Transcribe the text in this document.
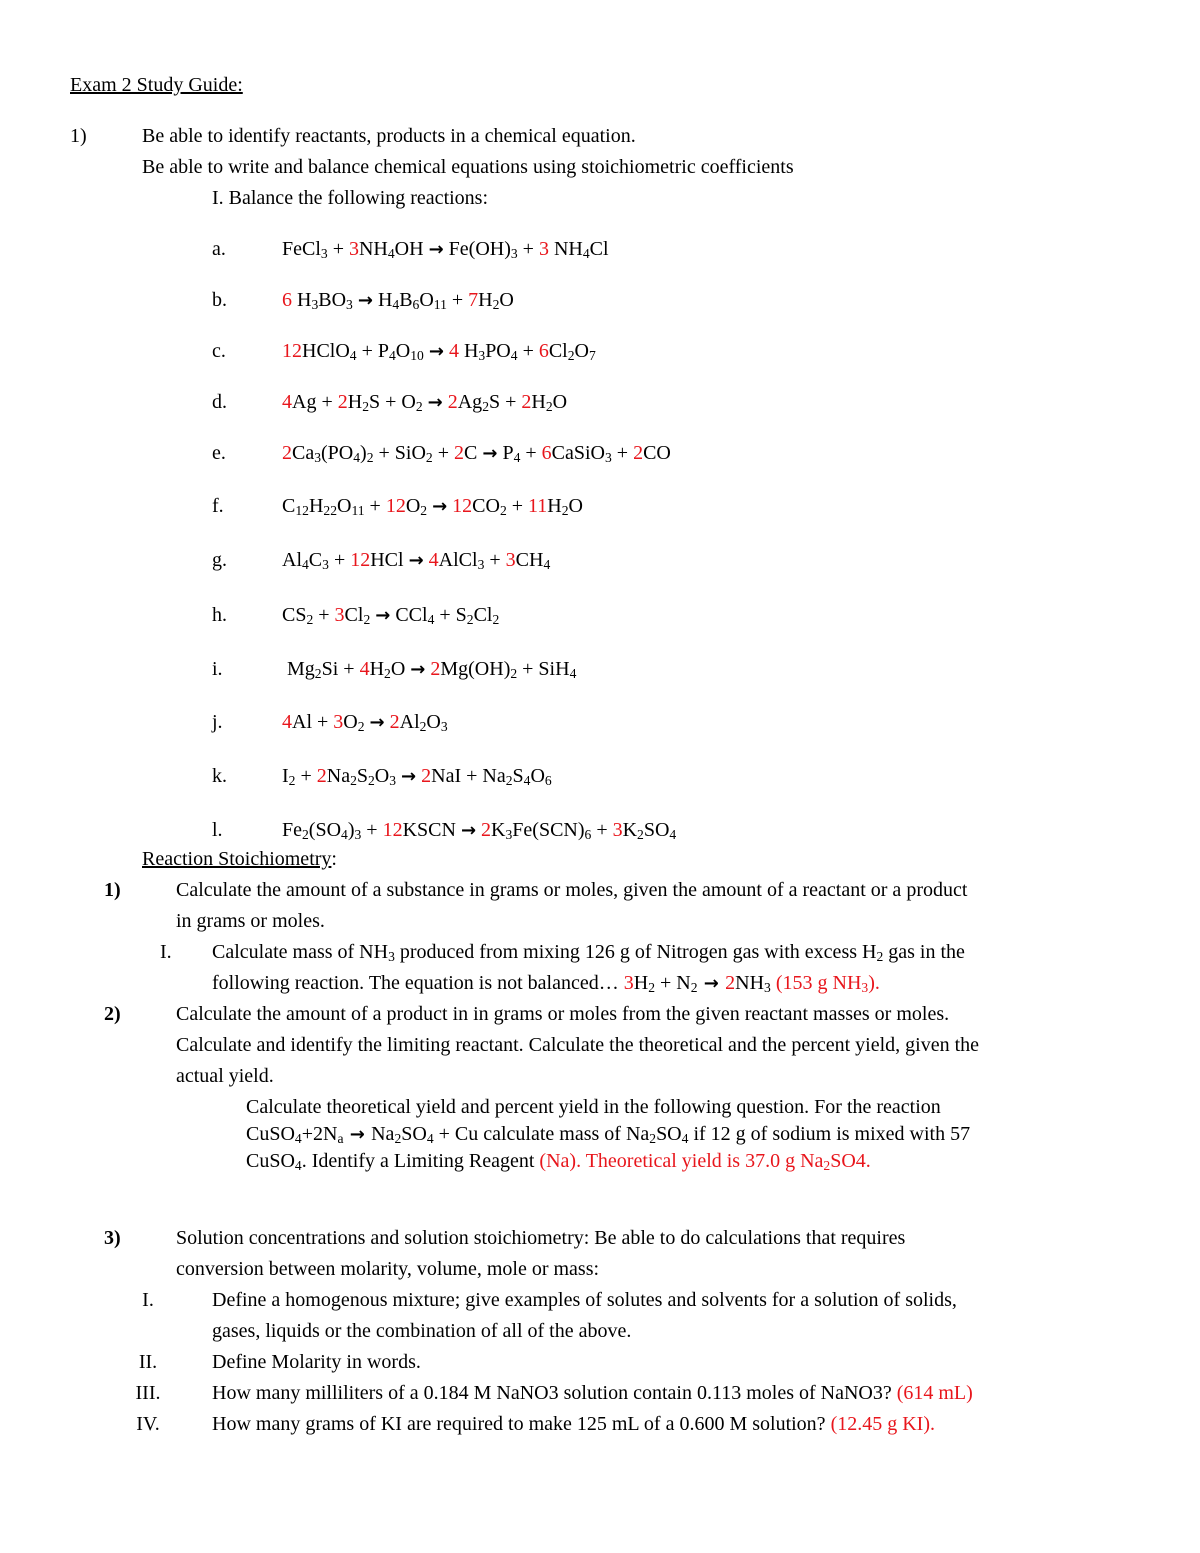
Exam 2 Study Guide:
1)	Be able to identify reactants, products in a chemical equation.
Be able to write and balance chemical equations using stoichiometric coefficients
I. Balance the following reactions:
a.	FeCl$_3$ + $3NH_4OH \to Fe(OH)_3 + 3$ $NH_4Cl$
b.	6 $H_3BO_3 \to H_4B_6O_{11} + 7H_2O$
c.	12HClO$_4$ + $P_4O_{10} \to 4$ $H_3PO_4 + 6Cl_2O_7$
d.	$4Ag + 2H_2S + O_2 \to 2Ag_2S + 2H_2O$
e.	$2Ca_3(PO_4)_2 + SiO_2 + 2C \to P_4$ + 6CaSiO$_3$ + 2CO
f.	$C_{12}H_{22}O_{11} + 12O_2 \to 12CO_2 + 11H_2O$
g.	$Al_4C_3 + 12HCl$ → 4AlCl$_3$ + $3CH_4$
h.	$CS_2 + 3Cl_2 \to CCl_4 + S_2Cl_2$
i.	$Mg_2Si + 4H_2O \to 2Mg(OH)_2 + SiH_4$
j.	$4Al + 3O_2 \to 2Al_2O_3$
k.	$I_2 + 2Na_2S_2O_3 \to 2NaI + Na_2S_4O_6$
l.	$Fe_2(SO_4)_3$ + 12KSCN → $2K_3Fe(SCN)_6 + 3K_2SO_4$
Reaction Stoichiometry:
1)	Calculate the amount of a substance in grams or moles, given the amount of a reactant or a product
in grams or moles.
I. Calculate mass of $NH_3$ produced from mixing 126 g of Nitrogen gas with excess $H_2$ gas in the
following reaction. The equation is not balanced… $3H_2 + N_2 \to 2NH_3$ (153 g $NH_3$).
2)	Calculate the amount of a product in in grams or moles from the given reactant masses or moles.
Calculate and identify the limiting reactant. Calculate the theoretical and the percent yield, given the
actual yield.
Calculate theoretical yield and percent yield in the following question. For the reaction
$CuSO_4+2N_a \to Na_2SO_4 + Cu$ calculate mass of $Na_2SO_4$ if 12 g of sodium is mixed with 57
CuSO$_4$. Identify a Limiting Reagent (Na). Theoretical yield is 37.0 g $Na_2SO4$.
3)	Solution concentrations and solution stoichiometry: Be able to do calculations that requires
conversion between molarity, volume, mole or mass:
I.	Define a homogenous mixture; give examples of solutes and solvents for a solution of solids,
gases, liquids or the combination of all of the above.
II.	Define Molarity in words.
III.	How many milliliters of a 0.184 M NaNO3 solution contain 0.113 moles of NaNO3? (614 mL)
IV.	How many grams of KI are required to make 125 mL of a 0.600 M solution? (12.45 g KI).
